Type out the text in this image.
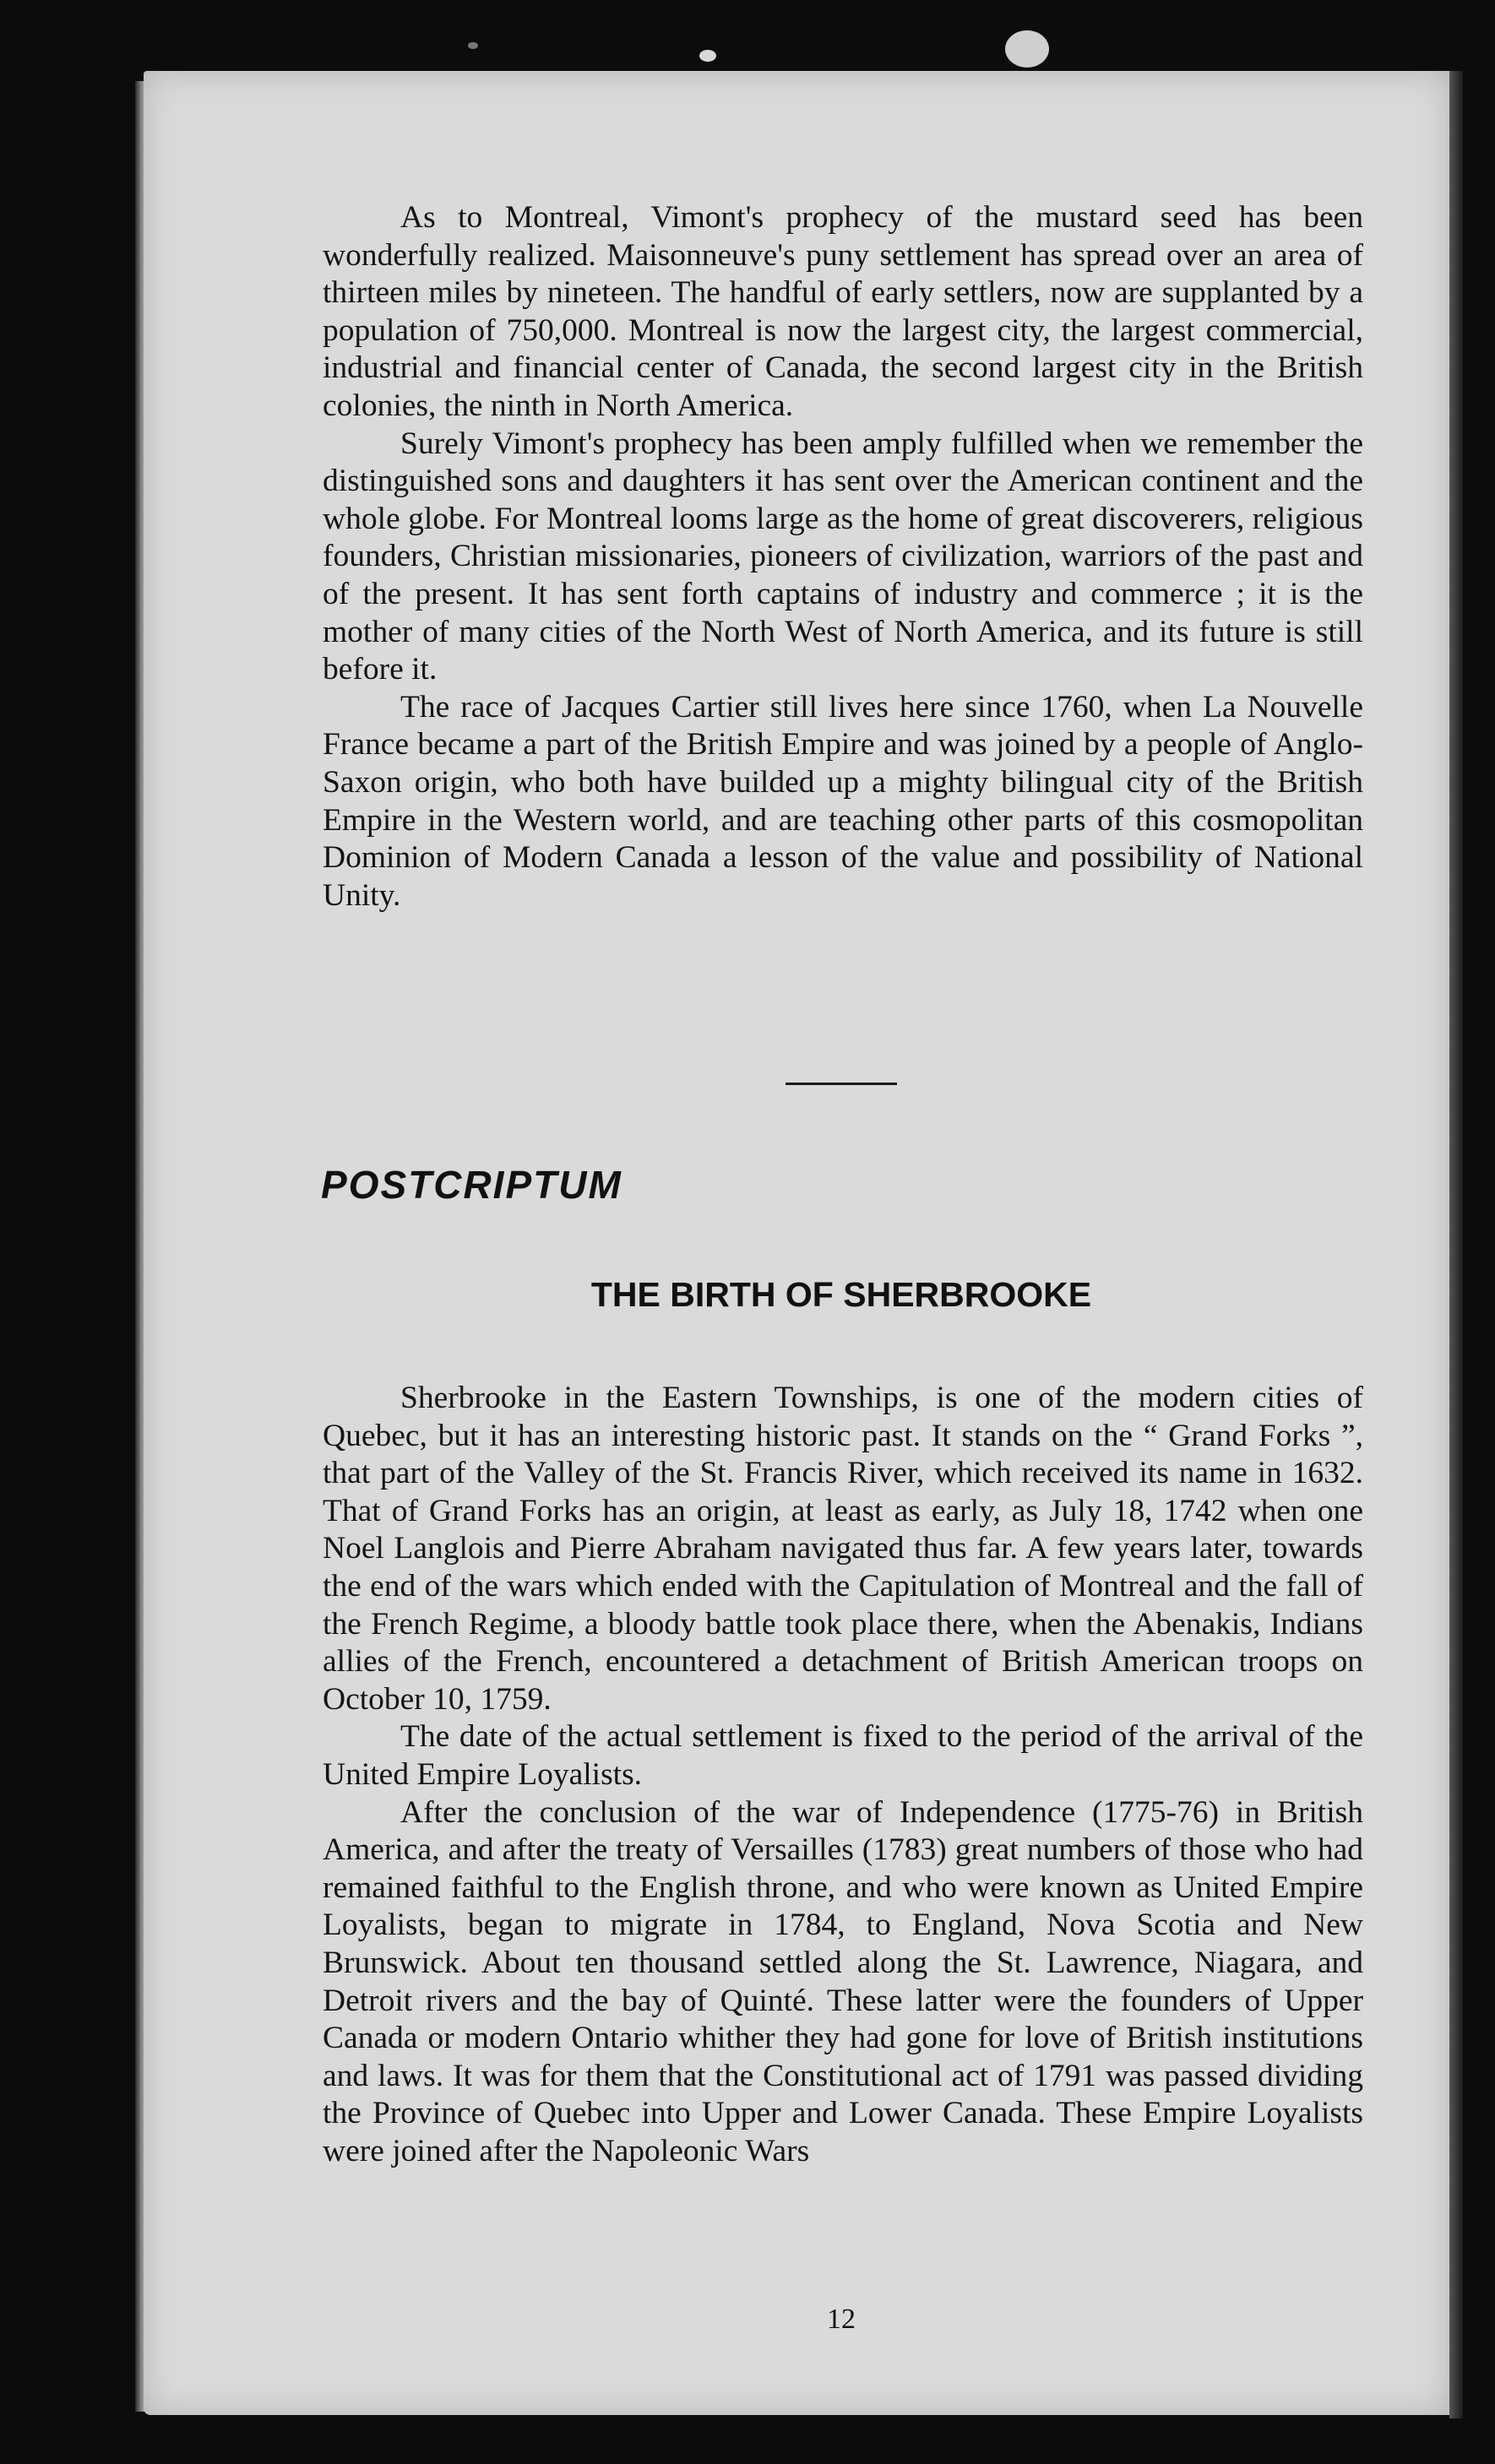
As to Montreal, Vimont's prophecy of the mustard seed has been wonderfully realized. Maisonneuve's puny settlement has spread over an area of thirteen miles by nineteen. The handful of early settlers, now are supplanted by a population of 750,000. Montreal is now the largest city, the largest commercial, industrial and financial center of Canada, the second largest city in the British colonies, the ninth in North America.

Surely Vimont's prophecy has been amply fulfilled when we remember the distinguished sons and daughters it has sent over the American continent and the whole globe. For Montreal looms large as the home of great discoverers, religious founders, Christian missionaries, pioneers of civilization, warriors of the past and of the present. It has sent forth captains of industry and commerce ; it is the mother of many cities of the North West of North America, and its future is still before it.

The race of Jacques Cartier still lives here since 1760, when La Nouvelle France became a part of the British Empire and was joined by a people of Anglo-Saxon origin, who both have builded up a mighty bilingual city of the British Empire in the Western world, and are teaching other parts of this cosmopolitan Dominion of Modern Canada a lesson of the value and possibility of National Unity.

POSTCRIPTUM
THE BIRTH OF SHERBROOKE

Sherbrooke in the Eastern Townships, is one of the modern cities of Quebec, but it has an interesting historic past. It stands on the “ Grand Forks ”, that part of the Valley of the St. Francis River, which received its name in 1632. That of Grand Forks has an origin, at least as early, as July 18, 1742 when one Noel Langlois and Pierre Abraham navigated thus far. A few years later, towards the end of the wars which ended with the Capitulation of Montreal and the fall of the French Regime, a bloody battle took place there, when the Abenakis, Indians allies of the French, encountered a detachment of British American troops on October 10, 1759.

The date of the actual settlement is fixed to the period of the arrival of the United Empire Loyalists.

After the conclusion of the war of Independence (1775-76) in British America, and after the treaty of Versailles (1783) great numbers of those who had remained faithful to the English throne, and who were known as United Empire Loyalists, began to migrate in 1784, to England, Nova Scotia and New Brunswick. About ten thousand settled along the St. Lawrence, Niagara, and Detroit rivers and the bay of Quinté. These latter were the founders of Upper Canada or modern Ontario whither they had gone for love of British institutions and laws. It was for them that the Constitutional act of 1791 was passed dividing the Province of Quebec into Upper and Lower Canada. These Empire Loyalists were joined after the Napoleonic Wars

12
